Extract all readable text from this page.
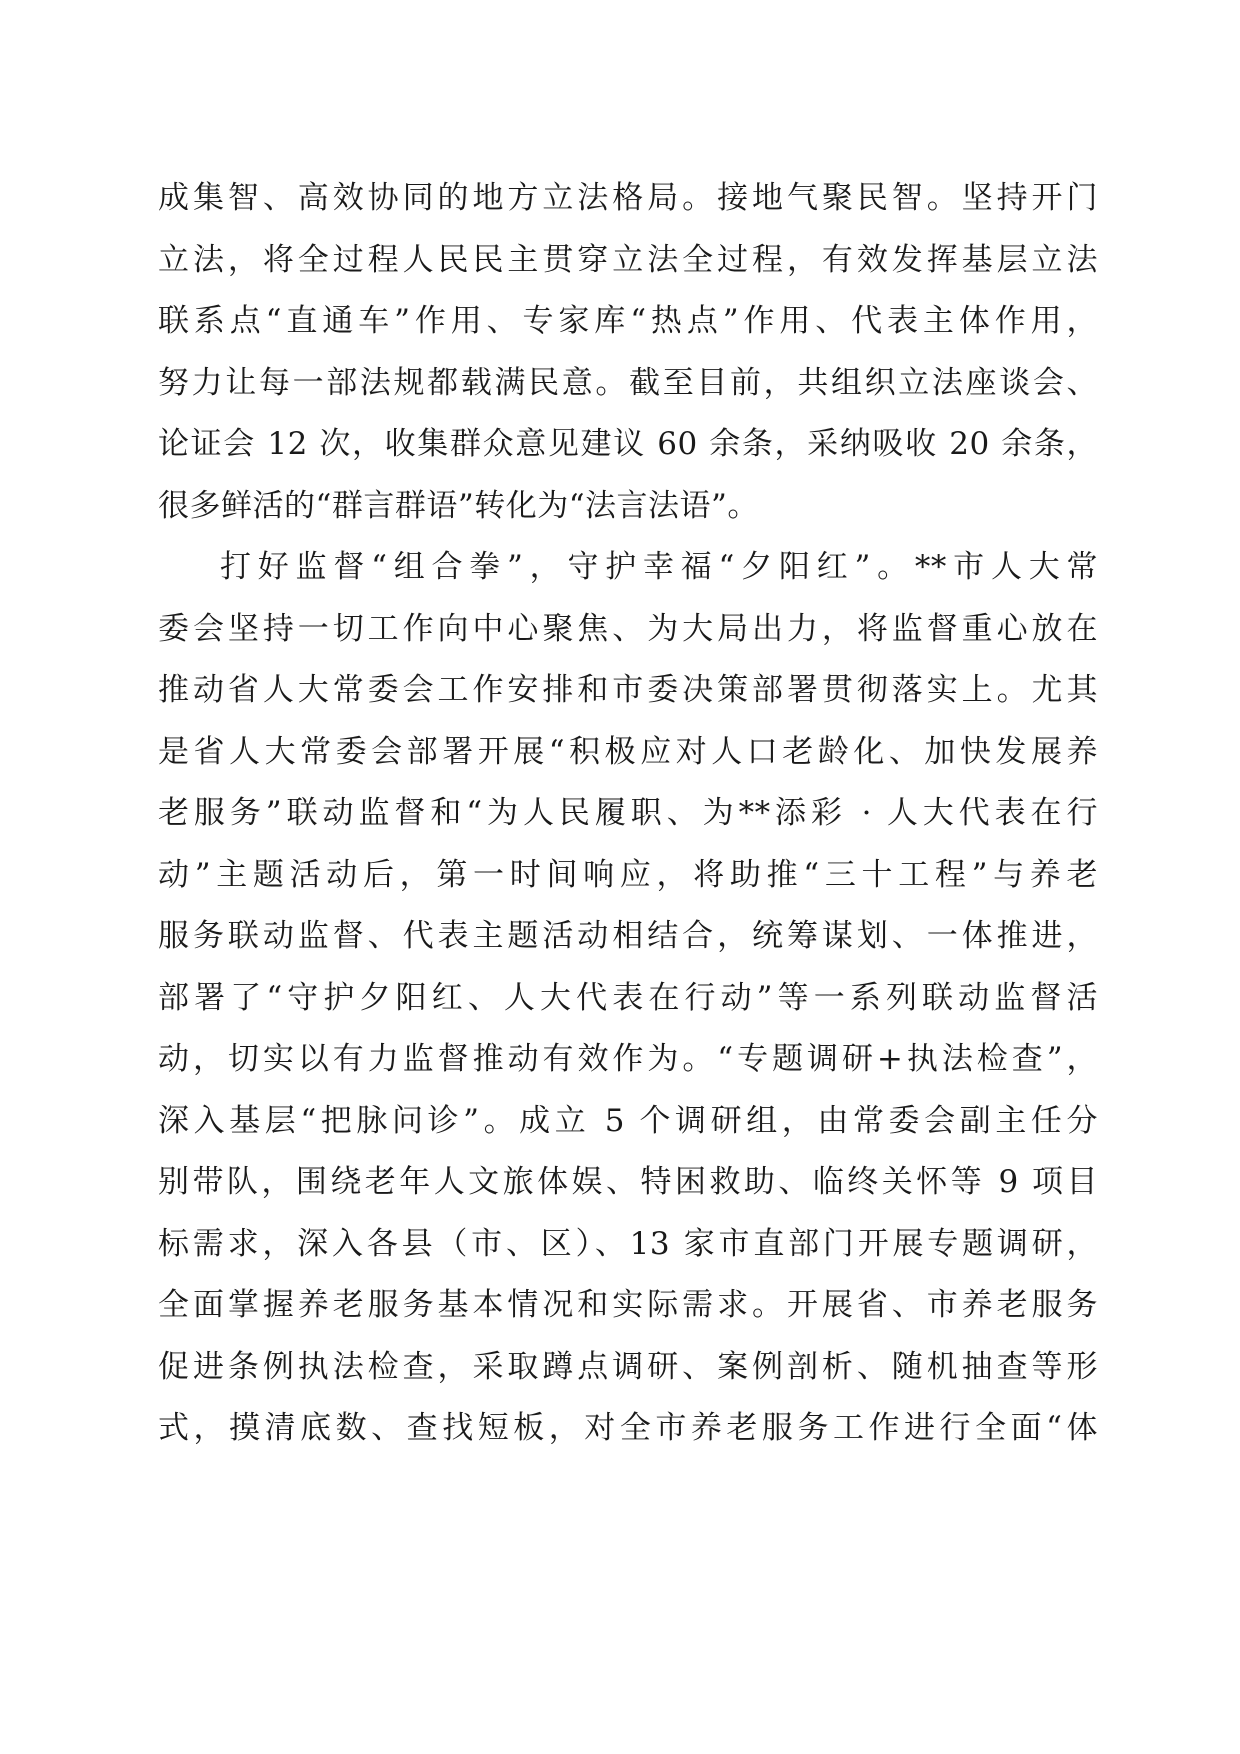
成集智、高效协同的地方立法格局。接地气聚民智。坚持开门
立法，将全过程人民民主贯穿立法全过程，有效发挥基层立法
联系点“直通车”作用、专家库“热点”作用、代表主体作用，
努力让每一部法规都载满民意。截至目前，共组织立法座谈会、
论证会 12 次，收集群众意见建议 60 余条，采纳吸收 20 余条，
很多鲜活的“群言群语”转化为“法言法语”。
打好监督“组合拳”，守护幸福“夕阳红”。**市人大常
委会坚持一切工作向中心聚焦、为大局出力，将监督重心放在
推动省人大常委会工作安排和市委决策部署贯彻落实上。尤其
是省人大常委会部署开展“积极应对人口老龄化、加快发展养
老服务”联动监督和“为人民履职、为**添彩 · 人大代表在行
动”主题活动后，第一时间响应，将助推“三十工程”与养老
服务联动监督、代表主题活动相结合，统筹谋划、一体推进，
部署了“守护夕阳红、人大代表在行动”等一系列联动监督活
动，切实以有力监督推动有效作为。“专题调研+执法检查”，
深入基层“把脉问诊”。成立 5 个调研组，由常委会副主任分
别带队，围绕老年人文旅体娱、特困救助、临终关怀等 9 项目
标需求，深入各县（市、区）、13 家市直部门开展专题调研，
全面掌握养老服务基本情况和实际需求。开展省、市养老服务
促进条例执法检查，采取蹲点调研、案例剖析、随机抽查等形
式，摸清底数、查找短板，对全市养老服务工作进行全面“体
